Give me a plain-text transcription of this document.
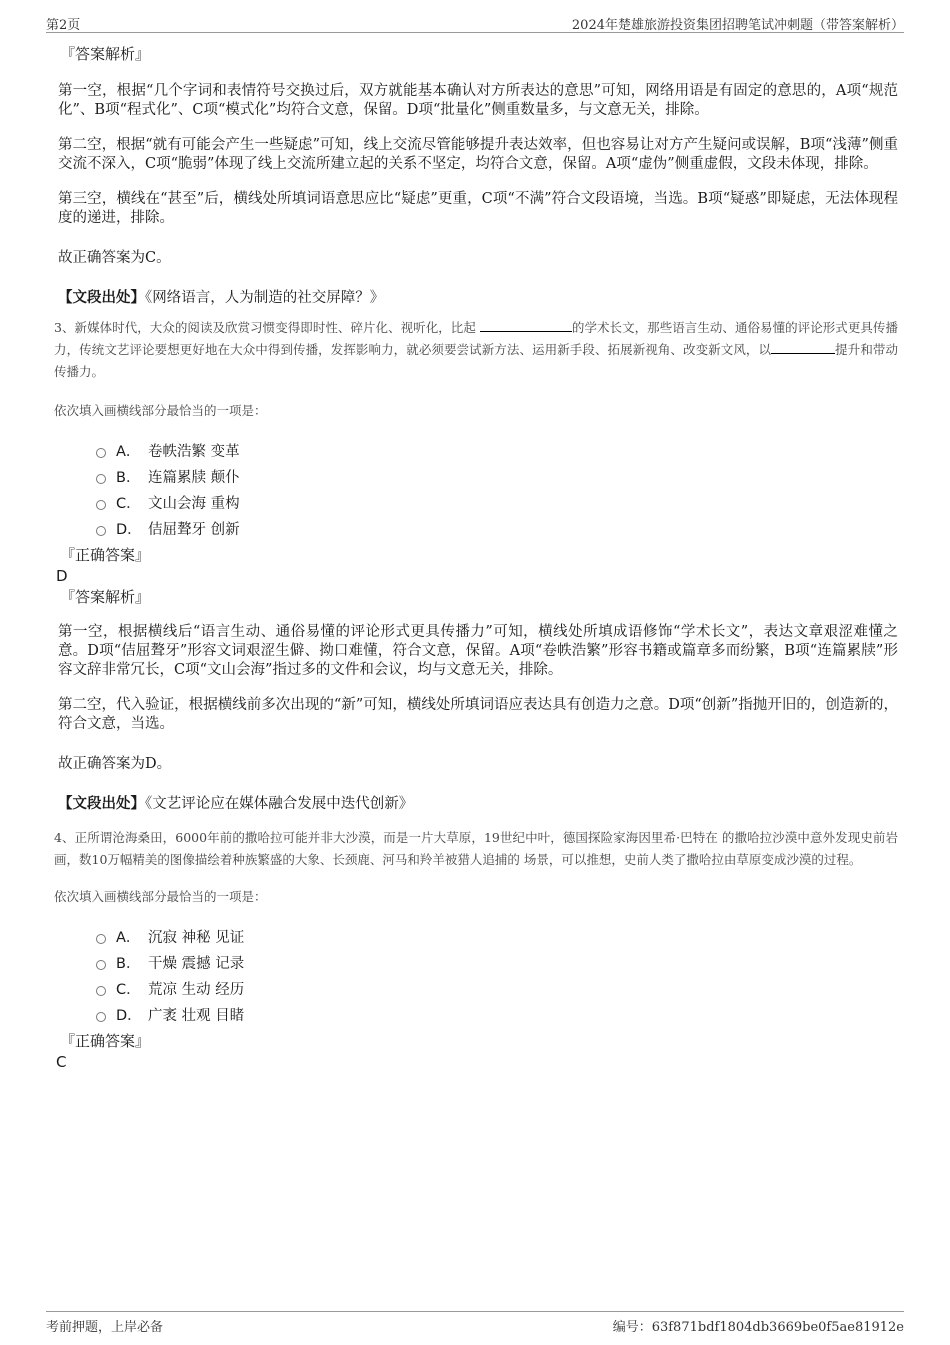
第2页	2024年楚雄旅游投资集团招聘笔试冲刺题（带答案解析）
『答案解析』
第一空，根据“几个字词和表情符号交换过后，双方就能基本确认对方所表达的意思”可知，网络用语是有固定的意思的，A项“规范化”、B项“程式化”、C项“模式化”均符合文意，保留。D项“批量化”侧重数量多，与文意无关，排除。
第二空，根据“就有可能会产生一些疑虑”可知，线上交流尽管能够提升表达效率，但也容易让对方产生疑问或误解，B项“浅薄”侧重交流不深入，C项“脆弱”体现了线上交流所建立起的关系不坚定，均符合文意，保留。A项“虚伪”侧重虚假，文段未体现，排除。
第三空，横线在“甚至”后，横线处所填词语意思应比“疑虑”更重，C项“不满”符合文段语境，当选。B项“疑惑”即疑虑，无法体现程度的递进，排除。
故正确答案为C。
【文段出处】《网络语言，人为制造的社交屏障？》
3、新媒体时代，大众的阅读及欣赏习惯变得即时性、碎片化、视听化，比起	的学术长文，那些语言生动、通俗易懂的评论形式更具传播力，传统文艺评论要想更好地在大众中得到传播，发挥影响力，就必须要尝试新方法、运用新手段、拓展新视角、改变新文风，以	提升和带动传播力。
依次填入画横线部分最恰当的一项是：
A． 卷帙浩繁 变革
B． 连篇累牍 颠仆
C． 文山会海 重构
D． 佶屈聱牙 创新
『正确答案』
D
『答案解析』
第一空，根据横线后“语言生动、通俗易懂的评论形式更具传播力”可知，横线处所填成语修饰“学术长文”，表达文章艰涩难懂之意。D项“佶屈聱牙”形容文词艰涩生僻、拗口难懂，符合文意，保留。A项“卷帙浩繁”形容书籍或篇章多而纷繁，B项“连篇累牍”形容文辞非常冗长，C项“文山会海”指过多的文件和会议，均与文意无关，排除。
第二空，代入验证，根据横线前多次出现的“新”可知，横线处所填词语应表达具有创造力之意。D项“创新”指抛开旧的，创造新的，符合文意，当选。
故正确答案为D。
【文段出处】《文艺评论应在媒体融合发展中迭代创新》
4、正所谓沧海桑田，6000年前的撒哈拉可能并非大沙漠，而是一片大草原，19世纪中叶，德国探险家海因里希·巴特在 的撒哈拉沙漠中意外发现史前岩画，数10万幅精美的图像描绘着种族繁盛的大象、长颈鹿、河马和羚羊被猎人追捕的 场景，可以推想，史前人类了撒哈拉由草原变成沙漠的过程。
依次填入画横线部分最恰当的一项是：
A． 沉寂 神秘 见证
B． 干燥 震撼 记录
C． 荒凉 生动 经历
D． 广袤 壮观 目睹
『正确答案』
C
考前押题，上岸必备	编号：63f871bdf1804db3669be0f5ae81912e
